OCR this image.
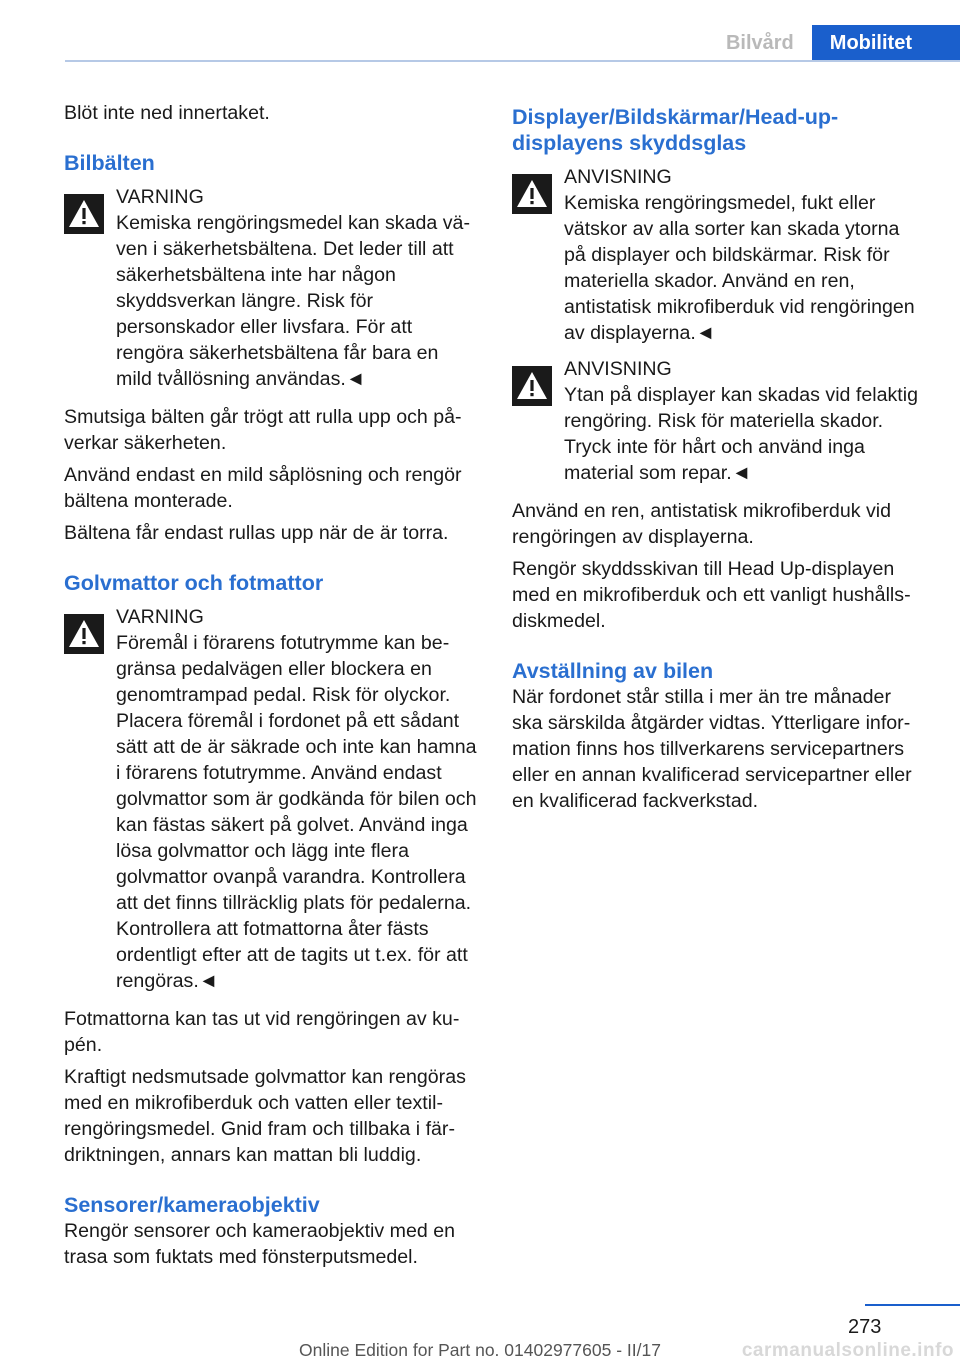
Bilvård	Mobilitet

Blöt inte ned innertaket.

Bilbälten
VARNING
Kemiska rengöringsmedel kan skada väven i säkerhetsbältena. Det leder till att säkerhetsbältena inte har någon skyddsverkan längre. Risk för personskador eller livsfara. För att rengöra säkerhetsbältena får bara en mild tvållösning användas.◄

Smutsiga bälten går trögt att rulla upp och påverkar säkerheten.

Använd endast en mild såplösning och rengör bältena monterade.

Bältena får endast rullas upp när de är torra.

Golvmattor och fotmattor
VARNING
Föremål i förarens fotutrymme kan begränsa pedalvägen eller blockera en genomtrampad pedal. Risk för olyckor. Placera föremål i fordonet på ett sådant sätt att de är säkrade och inte kan hamna i förarens fotutrymme. Använd endast golvmattor som är godkända för bilen och kan fästas säkert på golvet. Använd inga lösa golvmattor och lägg inte flera golvmattor ovanpå varandra. Kontrollera att det finns tillräcklig plats för pedalerna. Kontrollera att fotmattorna åter fästs ordentligt efter att de tagits ut t.ex. för att rengöras.◄

Fotmattorna kan tas ut vid rengöringen av kupén.

Kraftigt nedsmutsade golvmattor kan rengöras med en mikrofiberduk och vatten eller textilrengöringsmedel. Gnid fram och tillbaka i färdriktningen, annars kan mattan bli luddig.

Sensorer/kameraobjektiv

Rengör sensorer och kameraobjektiv med en trasa som fuktats med fönsterputsmedel.

Displayer/Bildskärmar/Head-up-displayens skyddsglas
ANVISNING
Kemiska rengöringsmedel, fukt eller vätskor av alla sorter kan skada ytorna på displayer och bildskärmar. Risk för materiella skador. Använd en ren, antistatisk mikrofiberduk vid rengöringen av displayerna.◄
ANVISNING
Ytan på displayer kan skadas vid felaktig rengöring. Risk för materiella skador. Tryck inte för hårt och använd inga material som repar.◄

Använd en ren, antistatisk mikrofiberduk vid rengöringen av displayerna.

Rengör skyddsskivan till Head Up-displayen med en mikrofiberduk och ett vanligt hushållsdiskmedel.

Avställning av bilen

När fordonet står stilla i mer än tre månader ska särskilda åtgärder vidtas. Ytterligare information finns hos tillverkarens servicepartners eller en annan kvalificerad servicepartner eller en kvalificerad fackverkstad.

273
Online Edition for Part no. 01402977605 - II/17	carmanualsonline.info
